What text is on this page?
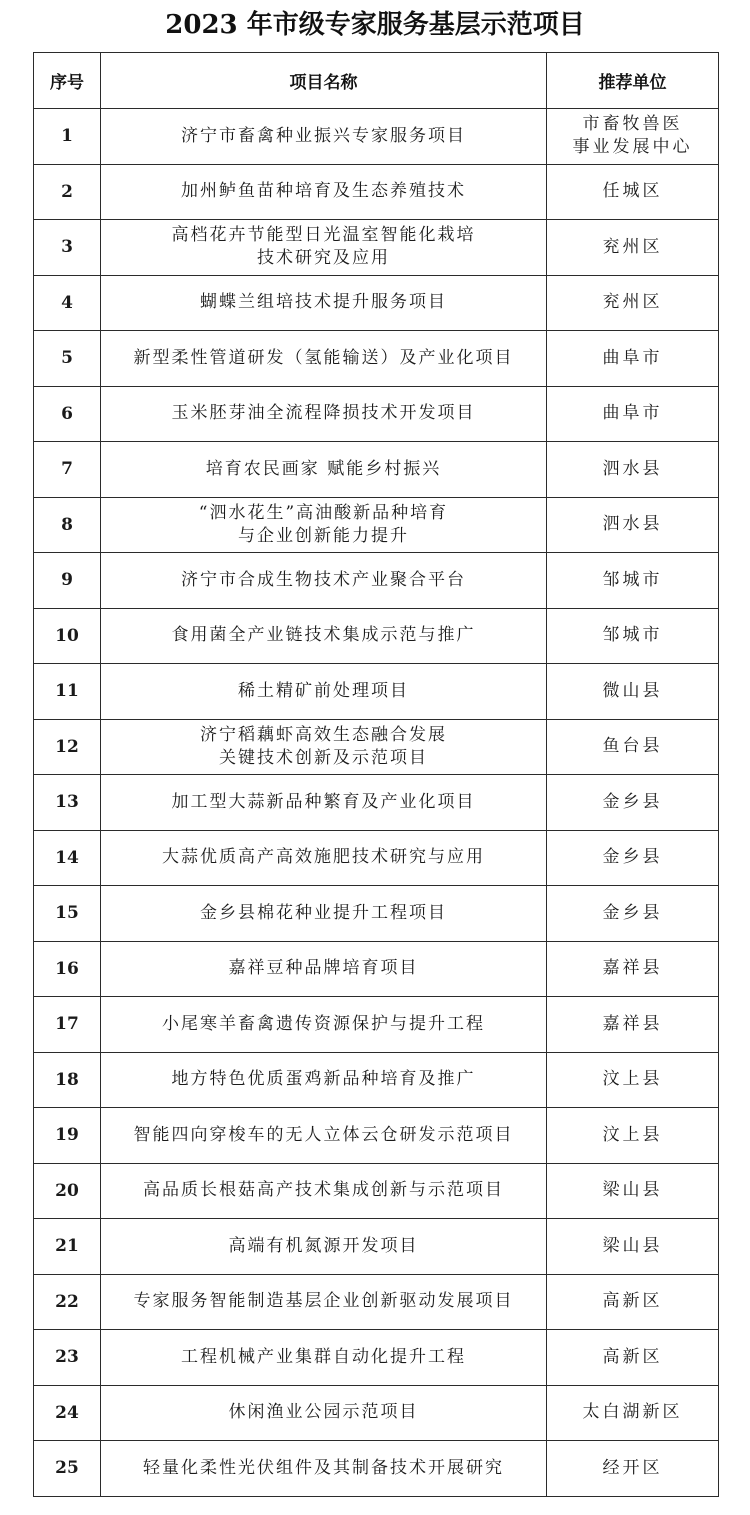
2023 年市级专家服务基层示范项目
序号	项目名称	推荐单位
1	济宁市畜禽种业振兴专家服务项目	市畜牧兽医
事业发展中心
2	加州鲈鱼苗种培育及生态养殖技术	任城区
3	高档花卉节能型日光温室智能化栽培
技术研究及应用	兖州区
4	蝴蝶兰组培技术提升服务项目	兖州区
5	新型柔性管道研发（氢能输送）及产业化项目	曲阜市
6	玉米胚芽油全流程降损技术开发项目	曲阜市
7	培育农民画家 赋能乡村振兴	泗水县
8	“泗水花生”高油酸新品种培育
与企业创新能力提升	泗水县
9	济宁市合成生物技术产业聚合平台	邹城市
10	食用菌全产业链技术集成示范与推广	邹城市
11	稀土精矿前处理项目	微山县
12	济宁稻藕虾高效生态融合发展
关键技术创新及示范项目	鱼台县
13	加工型大蒜新品种繁育及产业化项目	金乡县
14	大蒜优质高产高效施肥技术研究与应用	金乡县
15	金乡县棉花种业提升工程项目	金乡县
16	嘉祥豆种品牌培育项目	嘉祥县
17	小尾寒羊畜禽遗传资源保护与提升工程	嘉祥县
18	地方特色优质蛋鸡新品种培育及推广	汶上县
19	智能四向穿梭车的无人立体云仓研发示范项目	汶上县
20	高品质长根菇高产技术集成创新与示范项目	梁山县
21	高端有机氮源开发项目	梁山县
22	专家服务智能制造基层企业创新驱动发展项目	高新区
23	工程机械产业集群自动化提升工程	高新区
24	休闲渔业公园示范项目	太白湖新区
25	轻量化柔性光伏组件及其制备技术开展研究	经开区
